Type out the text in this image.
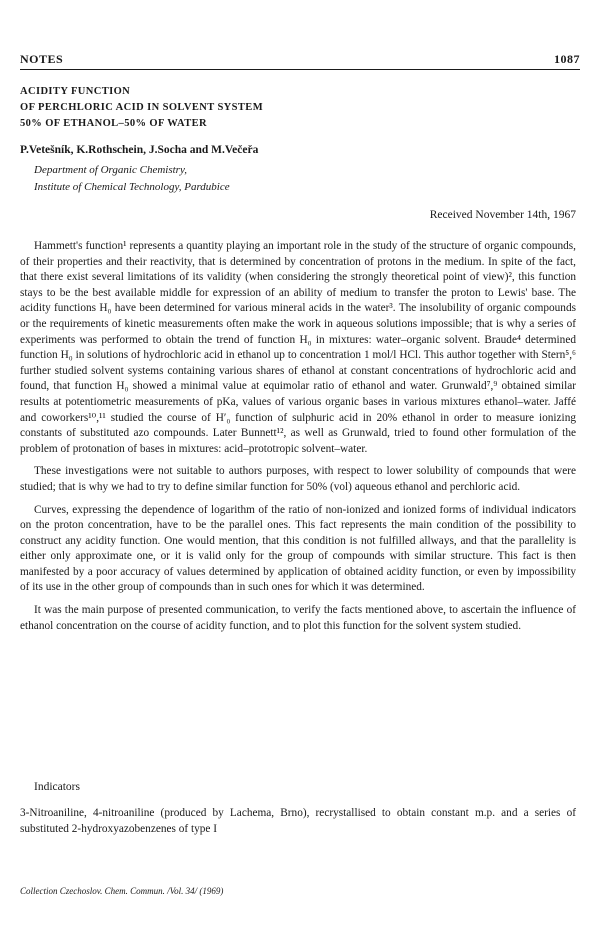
NOTES	1087
ACIDITY FUNCTION
OF PERCHLORIC ACID IN SOLVENT SYSTEM
50% OF ETHANOL–50% OF WATER
P.Vetešník, K.Rothschein, J.Socha and M.Večeřa
Department of Organic Chemistry,
Institute of Chemical Technology, Pardubice
Received November 14th, 1967

Hammett's function¹ represents a quantity playing an important role in the study of the structure of organic compounds, of their properties and their reactivity, that is determined by concentration of protons in the medium. In spite of the fact, that there exist several limitations of its validity (when considering the strongly theoretical point of view)², this function stays to be the best available middle for expression of an ability of medium to transfer the proton to Lewis' base. The acidity functions H₀ have been determined for various mineral acids in the water³. The insolubility of organic compounds or the requirements of kinetic measurements often make the work in aqueous solutions impossible; that is why a series of experiments was performed to obtain the trend of function H₀ in mixtures: water–organic solvent. Braude⁴ determined function H₀ in solutions of hydrochloric acid in ethanol up to concentration 1 mol/l HCl. This author together with Stern⁵,⁶ further studied solvent systems containing various shares of ethanol at constant concentrations of hydrochloric acid and found, that function H₀ showed a minimal value at equimolar ratio of ethanol and water. Grunwald⁷,⁹ obtained similar results at potentiometric measurements of pKa, values of various organic bases in various mixtures ethanol–water. Jaffé and coworkers¹⁰,¹¹ studied the course of H′₀ function of sulphuric acid in 20% ethanol in order to measure ionizing constants of substituted azo compounds. Later Bunnett¹², as well as Grunwald, tried to found other formulation of the problem of protonation of bases in mixtures: acid–prototropic solvent–water.

These investigations were not suitable to authors purposes, with respect to lower solubility of compounds that were studied; that is why we had to try to define similar function for 50% (vol) aqueous ethanol and perchloric acid.

Curves, expressing the dependence of logarithm of the ratio of non-ionized and ionized forms of individual indicators on the proton concentration, have to be the parallel ones. This fact represents the main condition of the possibility to construct any acidity function. One would mention, that this condition is not fulfilled allways, and that the parallelity is either only approximate one, or it is valid only for the group of compounds with similar structure. This fact is then manifested by a poor accuracy of values determined by application of obtained acidity function, or even by impossibility of its use in the other group of compounds than in such ones for which it was determined.

It was the main purpose of presented communication, to verify the facts mentioned above, to ascertain the influence of ethanol concentration on the course of acidity function, and to plot this function for the solvent system studied.

Indicators
3-Nitroaniline, 4-nitroaniline (produced by Lachema, Brno), recrystallised to obtain constant m.p. and a series of substituted 2-hydroxyazobenzenes of type I
Collection Czechoslov. Chem. Commun. /Vol. 34/ (1969)
